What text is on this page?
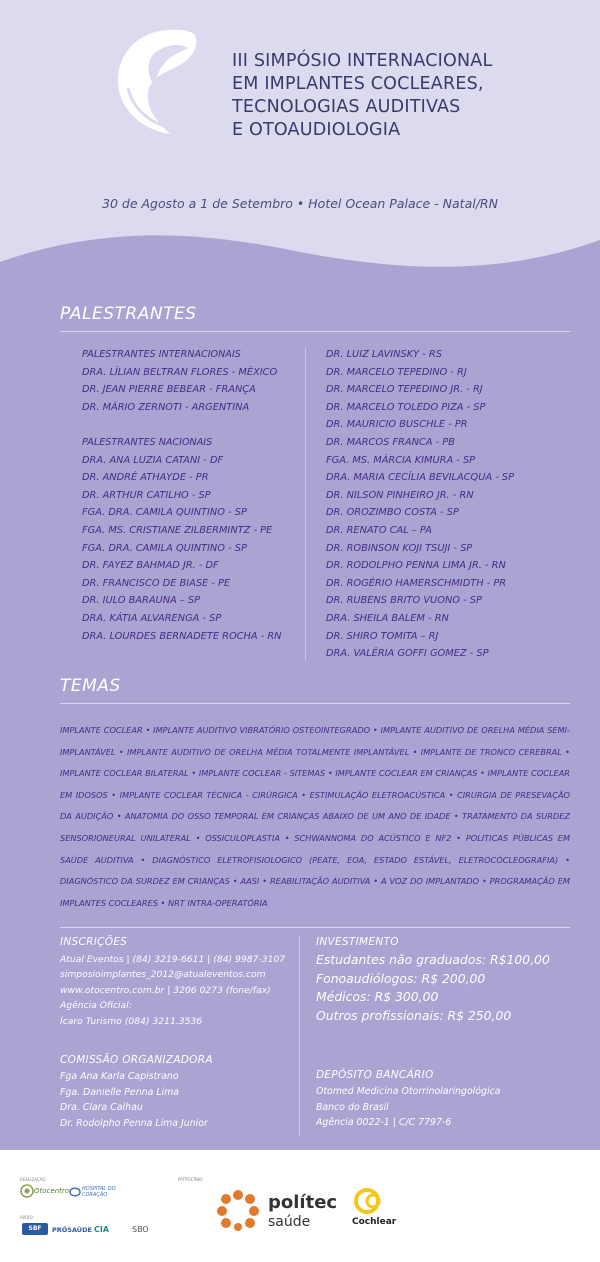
III SIMPÓSIO INTERNACIONAL
EM IMPLANTES COCLEARES,
TECNOLOGIAS AUDITIVAS
E OTOAUDIOLOGIA
30 de Agosto a 1 de Setembro • Hotel Ocean Palace - Natal/RN
PALESTRANTES
PALESTRANTES INTERNACIONAIS
DRA. LÍLIAN BELTRAN FLORES - MÉXICO
DR. JEAN PIERRE BEBEAR - FRANÇA
DR. MÁRIO ZERNOTI - ARGENTINA
PALESTRANTES NACIONAIS
DRA. ANA LUZIA CATANI - DF
DR. ANDRÉ ATHAYDE - PR
DR. ARTHUR CATILHO - SP
FGA. DRA. CAMILA QUINTINO - SP
FGA. MS. CRISTIANE ZILBERMINTZ - PE
FGA. DRA. CAMILA QUINTINO - SP
DR. FAYEZ BAHMAD JR. - DF
DR. FRANCISCO DE BIASE - PE
DR. IULO BARAUNA – SP
DRA. KÁTIA ALVARENGA - SP
DRA. LOURDES BERNADETE ROCHA - RN
DR. LUIZ LAVINSKY - RS
DR. MARCELO TEPEDINO - RJ
DR. MARCELO TEPEDINO JR. - RJ
DR. MARCELO TOLEDO PIZA - SP
DR. MAURICIO BUSCHLE - PR
DR. MARCOS FRANCA - PB
FGA. MS. MÁRCIA KIMURA - SP
DRA. MARIA CECÍLIA BEVILACQUA - SP
DR. NILSON PINHEIRO JR. - RN
DR. OROZIMBO COSTA - SP
DR. RENATO CAL – PA
DR. ROBINSON KOJI TSUJI - SP
DR. RODOLPHO PENNA LIMA JR. - RN
DR. ROGÉRIO HAMERSCHMIDTH - PR
DR. RUBENS BRITO VUONO - SP
DRA. SHEILA BALEM - RN
DR. SHIRO TOMITA – RJ
DRA. VALÉRIA GOFFI GOMEZ - SP
TEMAS
IMPLANTE COCLEAR • IMPLANTE AUDITIVO VIBRATÓRIO OSTEOINTEGRADO • IMPLANTE AUDITIVO DE ORELHA MÉDIA SEMI-IMPLANTÁVEL • IMPLANTE AUDITIVO DE ORELHA MÉDIA TOTALMENTE IMPLANTÁVEL • IMPLANTE DE TRONCO CEREBRAL • IMPLANTE COCLEAR BILATERAL • IMPLANTE COCLEAR - SITEMAS • IMPLANTE COCLEAR EM CRIANÇAS • IMPLANTE COCLEAR EM IDOSOS • IMPLANTE COCLEAR TÉCNICA - CIRÚRGICA • ESTIMULAÇÃO ELETROACÚSTICA • CIRURGIA DE PRESEVAÇÃO DA AUDIÇÃO • ANATOMIA DO OSSO TEMPORAL EM CRIANÇAS ABAIXO DE UM ANO DE IDADE • TRATAMENTO DA SURDEZ SENSORIONEURAL UNILATERAL • OSSICULOPLASTIA • SCHWANNOMA DO ACÚSTICO E NF2 • POLITICAS PÚBLICAS EM SAÚDE AUDITIVA • DIAGNÓSTICO ELETROFISIOLOGICO (PEATE, EOA, ESTADO ESTÁVEL, ELETROCÓCLEOGRAFIA) • DIAGNÓSTICO DA SURDEZ EM CRIANÇAS • AASI • REABILITAÇÃO AUDITIVA • A VOZ DO IMPLANTADO • PROGRAMAÇÃO EM IMPLANTES COCLEARES • NRT INTRA-OPERATÓRIA
INSCRIÇÕES
Atual Eventos | (84) 3219-6611 | (84) 9987-3107
simposioimplantes_2012@atualeventos.com
www.otocentro.com.br | 3206 0273 (fone/fax)
Agência Oficial:
Ícaro Turismo (084) 3211.3536
INVESTIMENTO
Estudantes não graduados: R$100,00
Fonoaudiólogos: R$ 200,00
Médicos: R$ 300,00
Outros profissionais: R$ 250,00
COMISSÃO ORGANIZADORA
Fga Ana Karla Capistrano
Fga. Danielle Penna Lima
Dra. Clara Calhau
Dr. Rodolpho Penna Lima Junior
DEPÓSITO BANCÁRIO
Otomed Medicina Otorrinolaringológica
Banco do Brasil
Agência 0022-1 | C/C 7797-6
REALIZAÇÃO:
Otocentro	HOSPITAL DO CORAÇÃO
APOIO:
SBF	PRÓSAÚDE CIA	SBO
PATROCÍNIO:
polítec
saúde	Cochlear
